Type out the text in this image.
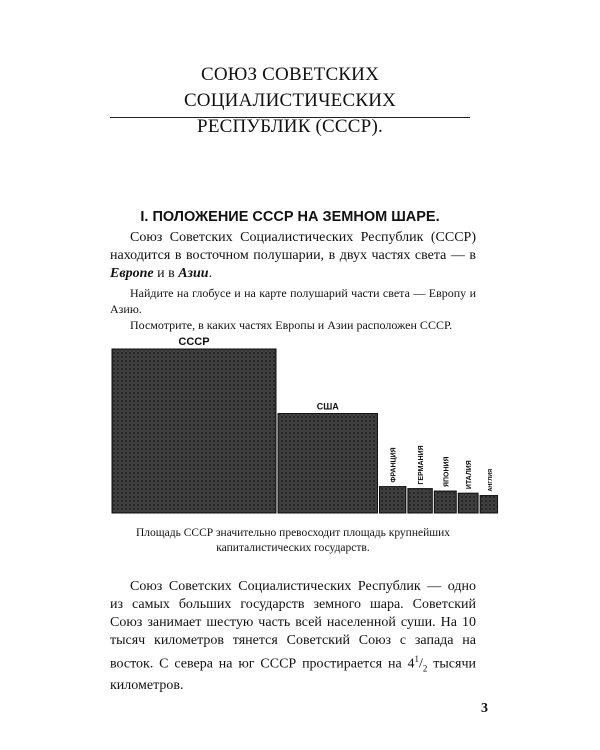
СОЮЗ СОВЕТСКИХ СОЦИАЛИСТИЧЕСКИХ
РЕСПУБЛИК (СССР).
I. ПОЛОЖЕНИЕ СССР НА ЗЕМНОМ ШАРЕ.
Союз Советских Социалистических Республик (СССР) находится в восточном полушарии, в двух частях света — в Европе и в Азии.
Найдите на глобусе и на карте полушарий части света — Европу и Азию.
Посмотрите, в каких частях Европы и Азии расположен СССР.
СССР
США
ФРАНЦИЯ	ГЕРМАНИЯ	ЯПОНИЯ ИТАЛИЯ	АНГЛИЯ
Площадь СССР значительно превосходит площадь крупнейших капиталистических государств.
Союз Советских Социалистических Республик — одно из самых больших государств земного шара. Советский Союз занимает шестую часть всей населенной суши. На 10 тысяч километров тянется Советский Союз с запада на восток. С севера на юг СССР простирается на $4^1/_2$ тысячи километров.
3
